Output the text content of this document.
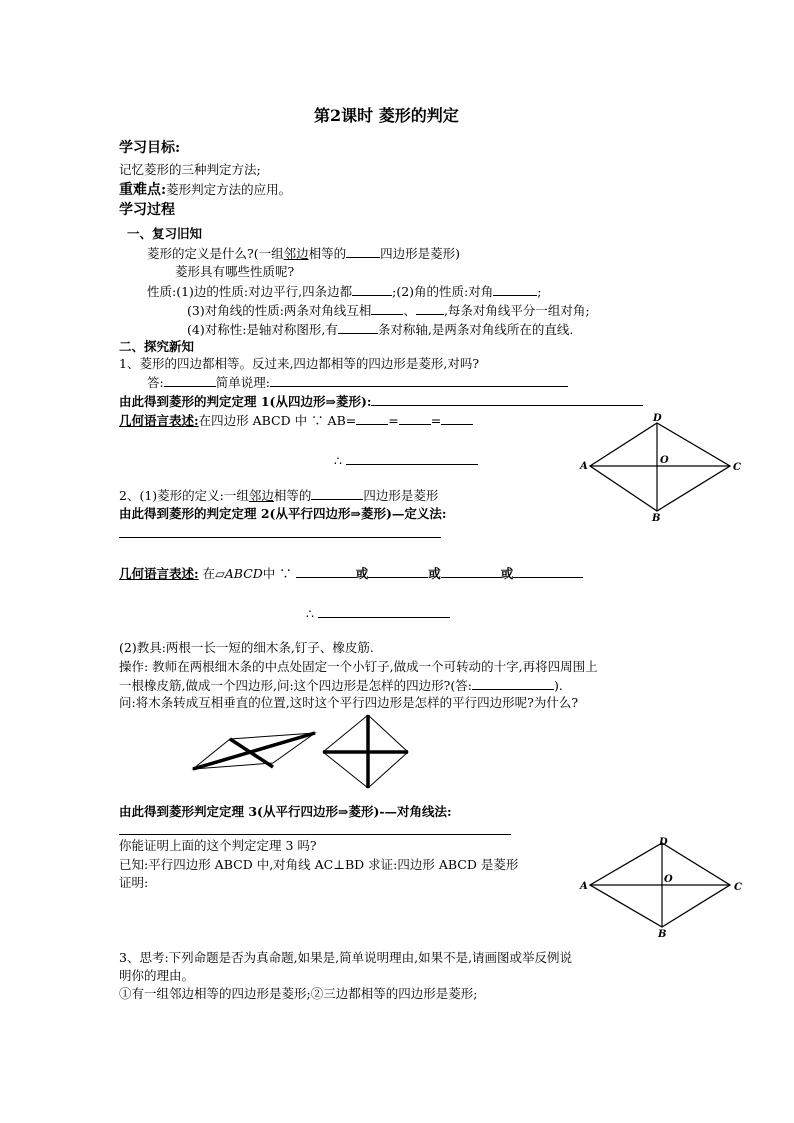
第2课时 菱形的判定
学习目标:
记忆菱形的三种判定方法;
重难点:菱形判定方法的应用。
学习过程
一、复习旧知
菱形的定义是什么?(一组邻边相等的	四边形是菱形)
菱形具有哪些性质呢?
性质:(1)边的性质:对边平行,四条边都	;(2)角的性质:对角	;
(3)对角线的性质:两条对角线互相	、 ,每条对角线平分一组对角;
(4)对称性:是轴对称图形,有	条对称轴,是两条对角线所在的直线.
二、探究新知
1、菱形的四边都相等。反过来,四边都相等的四边形是菱形,对吗?
答:	简单说理:
由此得到菱形的判定定理 1(从四边形⇒菱形):
几何语言表述:在四边形 ABCD 中 ∵ AB=	=	=
∴
2、(1)菱形的定义:一组邻边相等的	四边形是菱形
由此得到菱形的判定定理 2(从平行四边形⇒菱形)—定义法:
几何语言表述: 在▱ABCD中 ∵	或	或	或
∴
(2)教具:两根一长一短的细木条,钉子、橡皮筋.
操作: 教师在两根细木条的中点处固定一个小钉子,做成一个可转动的十字,再将四周围上
一根橡皮筋,做成一个四边形,问:这个四边形是怎样的四边形?(答:	).
问:将木条转成互相垂直的位置,这时这个平行四边形是怎样的平行四边形呢?为什么?
由此得到菱形判定定理 3(从平行四边形⇒菱形)-—对角线法:
你能证明上面的这个判定定理 3 吗?
已知:平行四边形 ABCD 中,对角线 AC⊥BD 求证:四边形 ABCD 是菱形
证明:
3、思考:下列命题是否为真命题,如果是,简单说明理由,如果不是,请画图或举反例说
明你的理由。
①有一组邻边相等的四边形是菱形;②三边都相等的四边形是菱形;
A	C
D
B
O
A	C
D
B
O
